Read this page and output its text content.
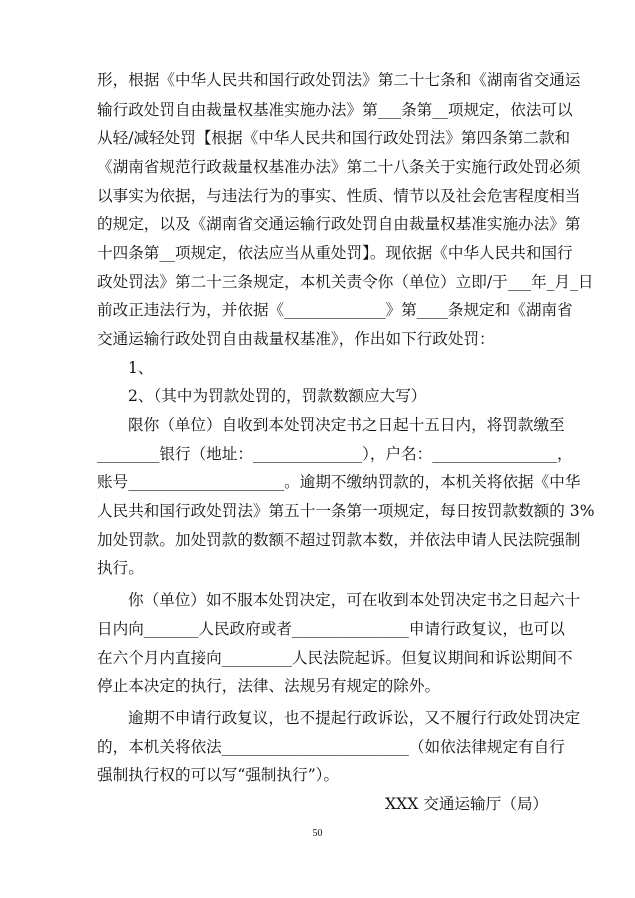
形，根据《中华人民共和国行政处罚法》第二十七条和《湖南省交通运
输行政处罚自由裁量权基准实施办法》第___条第__项规定，依法可以
从轻/减轻处罚【根据《中华人民共和国行政处罚法》第四条第二款和
《湖南省规范行政裁量权基准办法》第二十八条关于实施行政处罚必须
以事实为依据，与违法行为的事实、性质、情节以及社会危害程度相当
的规定，以及《湖南省交通运输行政处罚自由裁量权基准实施办法》第
十四条第__项规定，依法应当从重处罚】。现依据《中华人民共和国行
政处罚法》第二十三条规定，本机关责令你（单位）立即/于___年_月_日
前改正违法行为，并依据《_____________》第____条规定和《湖南省
交通运输行政处罚自由裁量权基准》，作出如下行政处罚：
1、
2、（其中为罚款处罚的，罚款数额应大写）
限你（单位）自收到本处罚决定书之日起十五日内，将罚款缴至
________银行（地址：______________），户名：________________，
账号____________________。逾期不缴纳罚款的，本机关将依据《中华
人民共和国行政处罚法》第五十一条第一项规定，每日按罚款数额的 3%
加处罚款。加处罚款的数额不超过罚款本数，并依法申请人民法院强制
执行。
你（单位）如不服本处罚决定，可在收到本处罚决定书之日起六十
日内向_______人民政府或者_______________申请行政复议，也可以
在六个月内直接向_________人民法院起诉。但复议期间和诉讼期间不
停止本决定的执行，法律、法规另有规定的除外。
逾期不申请行政复议，也不提起行政诉讼，又不履行行政处罚决定
的，本机关将依法________________________（如依法律规定有自行
强制执行权的可以写“强制执行”）。
XXX 交通运输厅（局）
50
